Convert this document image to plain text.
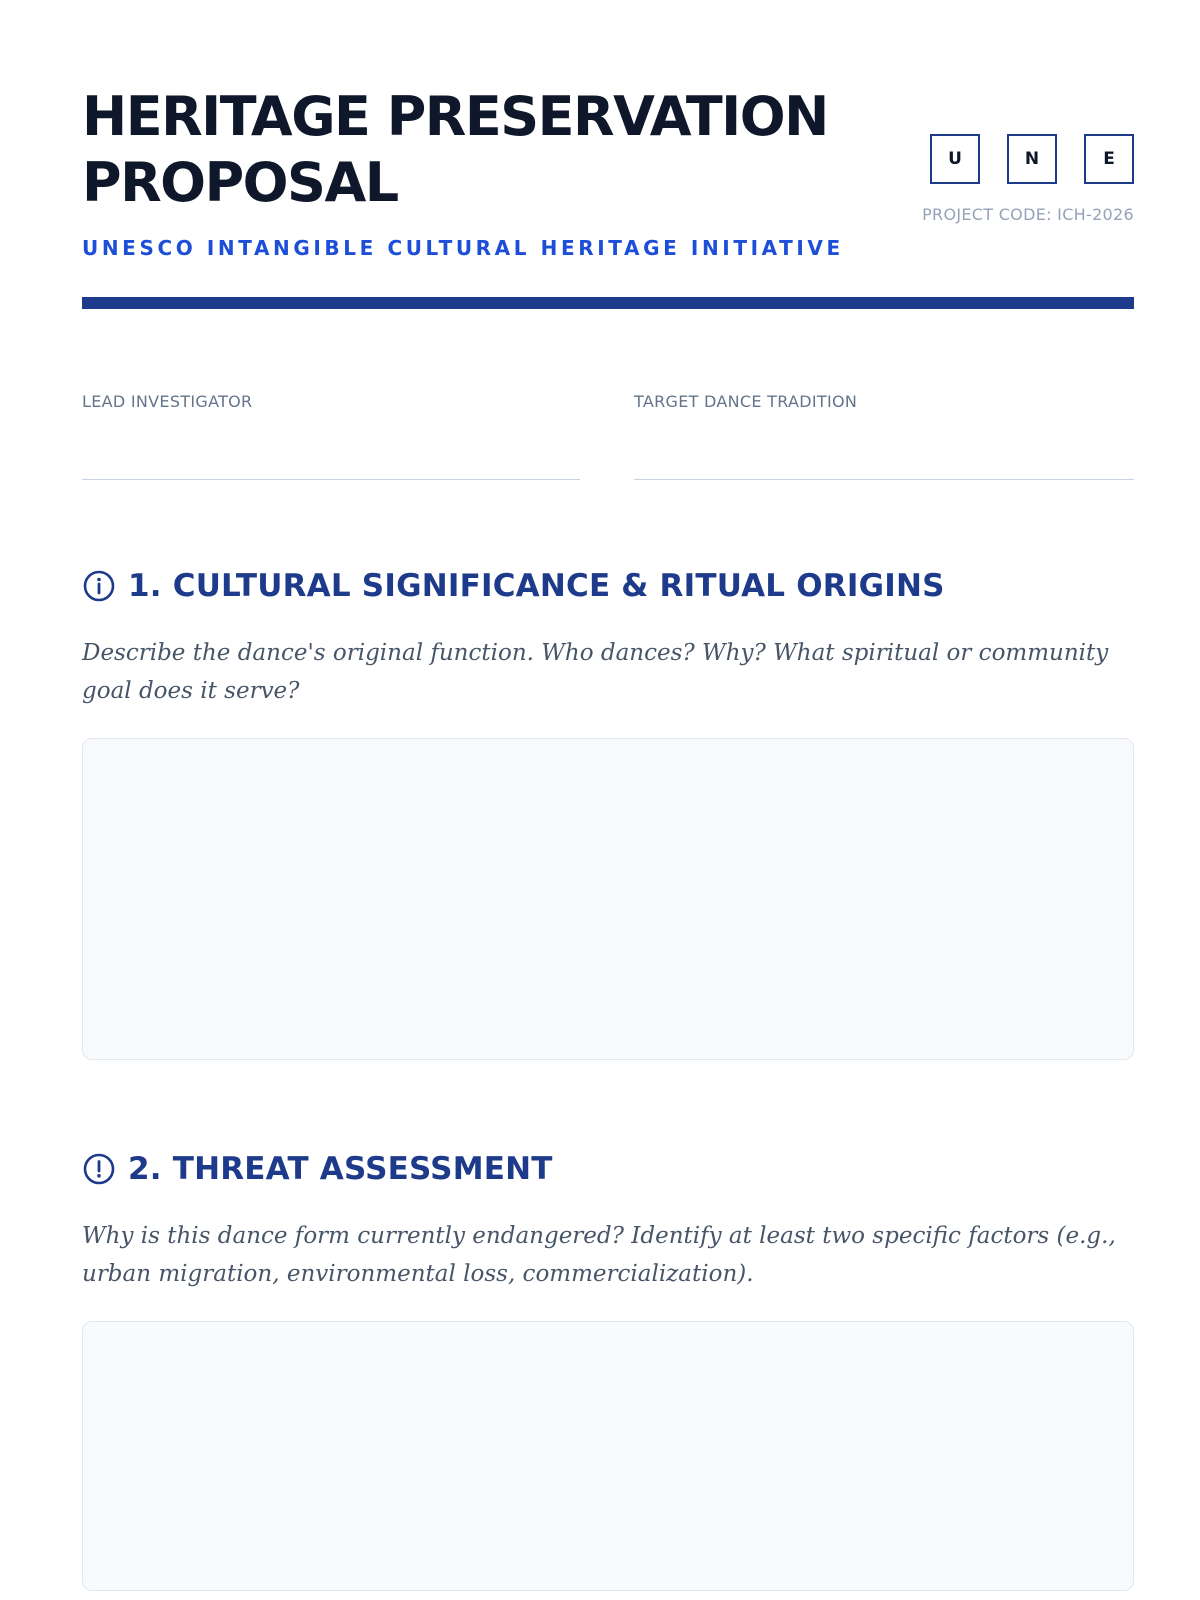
HERITAGE PRESERVATION PROPOSAL
UNESCO INTANGIBLE CULTURAL HERITAGE INITIATIVE
U	N	E
PROJECT CODE: ICH-2026
LEAD INVESTIGATOR	TARGET DANCE TRADITION
1. CULTURAL SIGNIFICANCE & RITUAL ORIGINS

Describe the dance's original function. Who dances? Why? What spiritual or community goal does it serve?

2. THREAT ASSESSMENT

Why is this dance form currently endangered? Identify at least two specific factors (e.g., urban migration, environmental loss, commercialization).
